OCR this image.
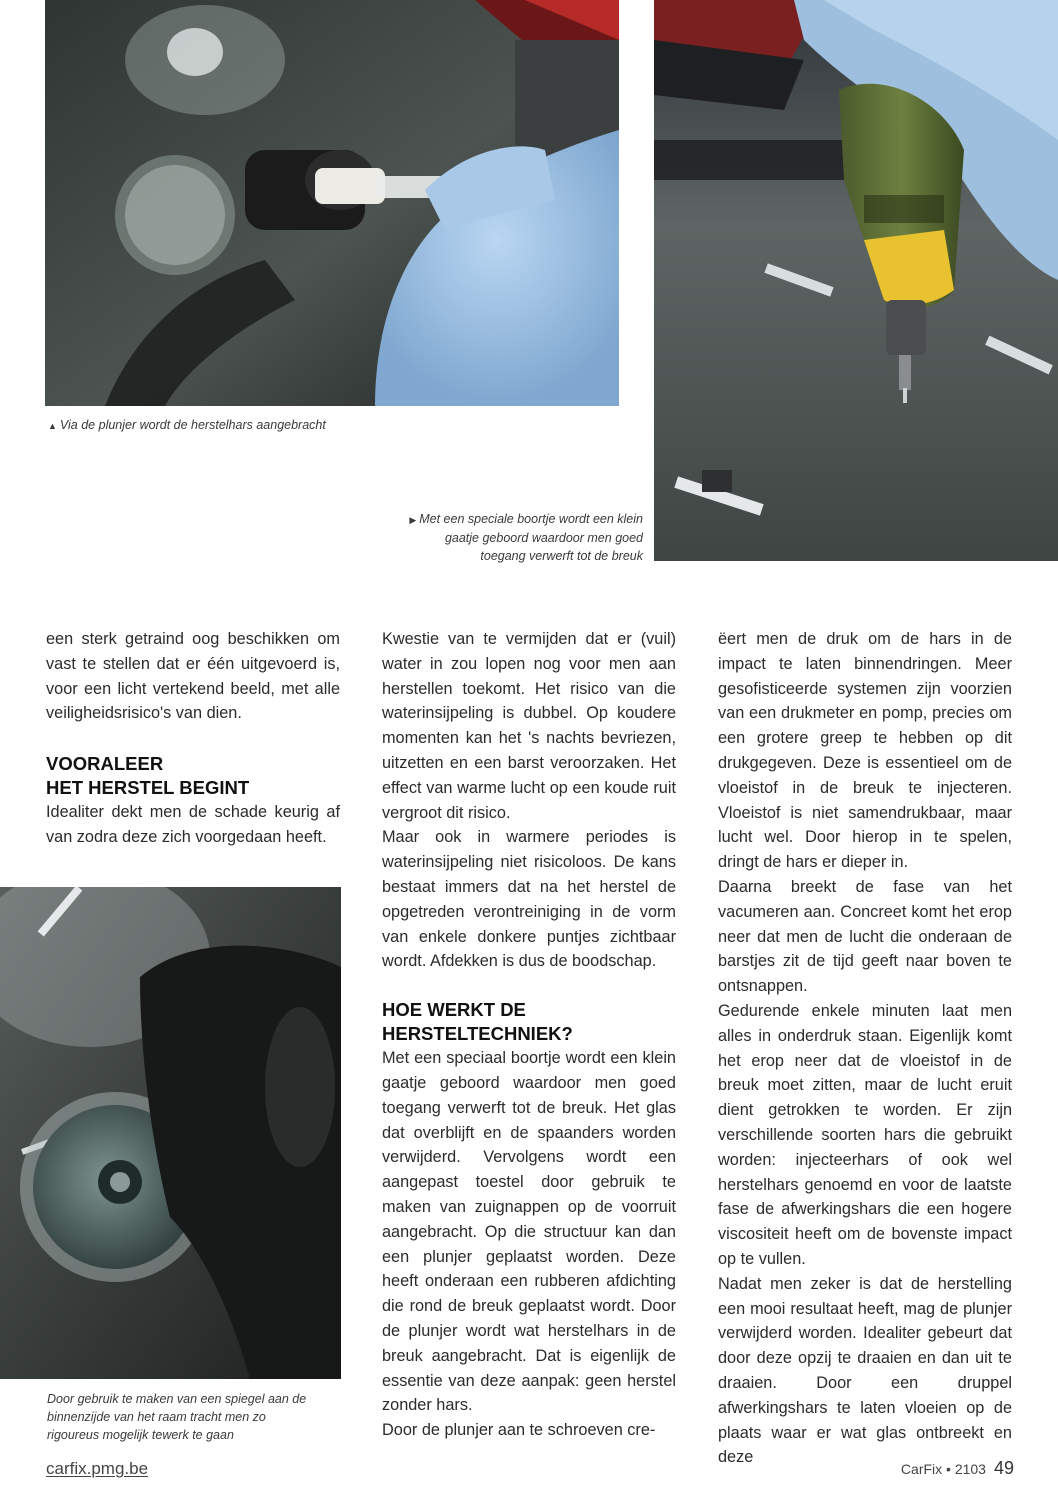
▲ Via de plunjer wordt de herstelhars aangebracht
▶ Met een speciale boortje wordt een klein gaatje geboord waardoor men goed toegang verwerft tot de breuk
Door gebruik te maken van een spiegel aan de binnenzijde van het raam tracht men zo rigoureus mogelijk tewerk te gaan

een sterk getraind oog beschikken om vast te stellen dat er één uitgevoerd is, voor een licht vertekend beeld, met alle veiligheidsrisico's van dien.

VOORALEER
HET HERSTEL BEGINT

Idealiter dekt men de schade keurig af van zodra deze zich voorgedaan heeft.

Kwestie van te vermijden dat er (vuil) water in zou lopen nog voor men aan herstellen toekomt. Het risico van die waterinsijpeling is dubbel. Op koudere momenten kan het 's nachts bevriezen, uitzetten en een barst veroorzaken. Het effect van warme lucht op een koude ruit vergroot dit risico.

Maar ook in warmere periodes is waterinsijpeling niet risicoloos. De kans bestaat immers dat na het herstel de opgetreden verontreiniging in de vorm van enkele donkere puntjes zichtbaar wordt. Afdekken is dus de boodschap.

HOE WERKT DE
HERSTELTECHNIEK?

Met een speciaal boortje wordt een klein gaatje geboord waardoor men goed toegang verwerft tot de breuk. Het glas dat overblijft en de spaanders worden verwijderd. Vervolgens wordt een aangepast toestel door gebruik te maken van zuignappen op de voorruit aangebracht. Op die structuur kan dan een plunjer geplaatst worden. Deze heeft onderaan een rubberen afdichting die rond de breuk geplaatst wordt. Door de plunjer wordt wat herstelhars in de breuk aangebracht. Dat is eigenlijk de essentie van deze aanpak: geen herstel zonder hars.

Door de plunjer aan te schroeven cre-

ëert men de druk om de hars in de impact te laten binnendringen. Meer gesofisticeerde systemen zijn voorzien van een drukmeter en pomp, precies om een grotere greep te hebben op dit drukgegeven. Deze is essentieel om de vloeistof in de breuk te injecteren. Vloeistof is niet samendrukbaar, maar lucht wel. Door hierop in te spelen, dringt de hars er dieper in.

Daarna breekt de fase van het vacumeren aan. Concreet komt het erop neer dat men de lucht die onderaan de barstjes zit de tijd geeft naar boven te ontsnappen.

Gedurende enkele minuten laat men alles in onderdruk staan. Eigenlijk komt het erop neer dat de vloeistof in de breuk moet zitten, maar de lucht eruit dient getrokken te worden. Er zijn verschillende soorten hars die gebruikt worden: injecteerhars of ook wel herstelhars genoemd en voor de laatste fase de afwerkingshars die een hogere viscositeit heeft om de bovenste impact op te vullen.

Nadat men zeker is dat de herstelling een mooi resultaat heeft, mag de plunjer verwijderd worden. Idealiter gebeurt dat door deze opzij te draaien en dan uit te draaien. Door een druppel afwerkingshars te laten vloeien op de plaats waar er wat glas ontbreekt en deze

carfix.pmg.be	CarFix • 2103 49
